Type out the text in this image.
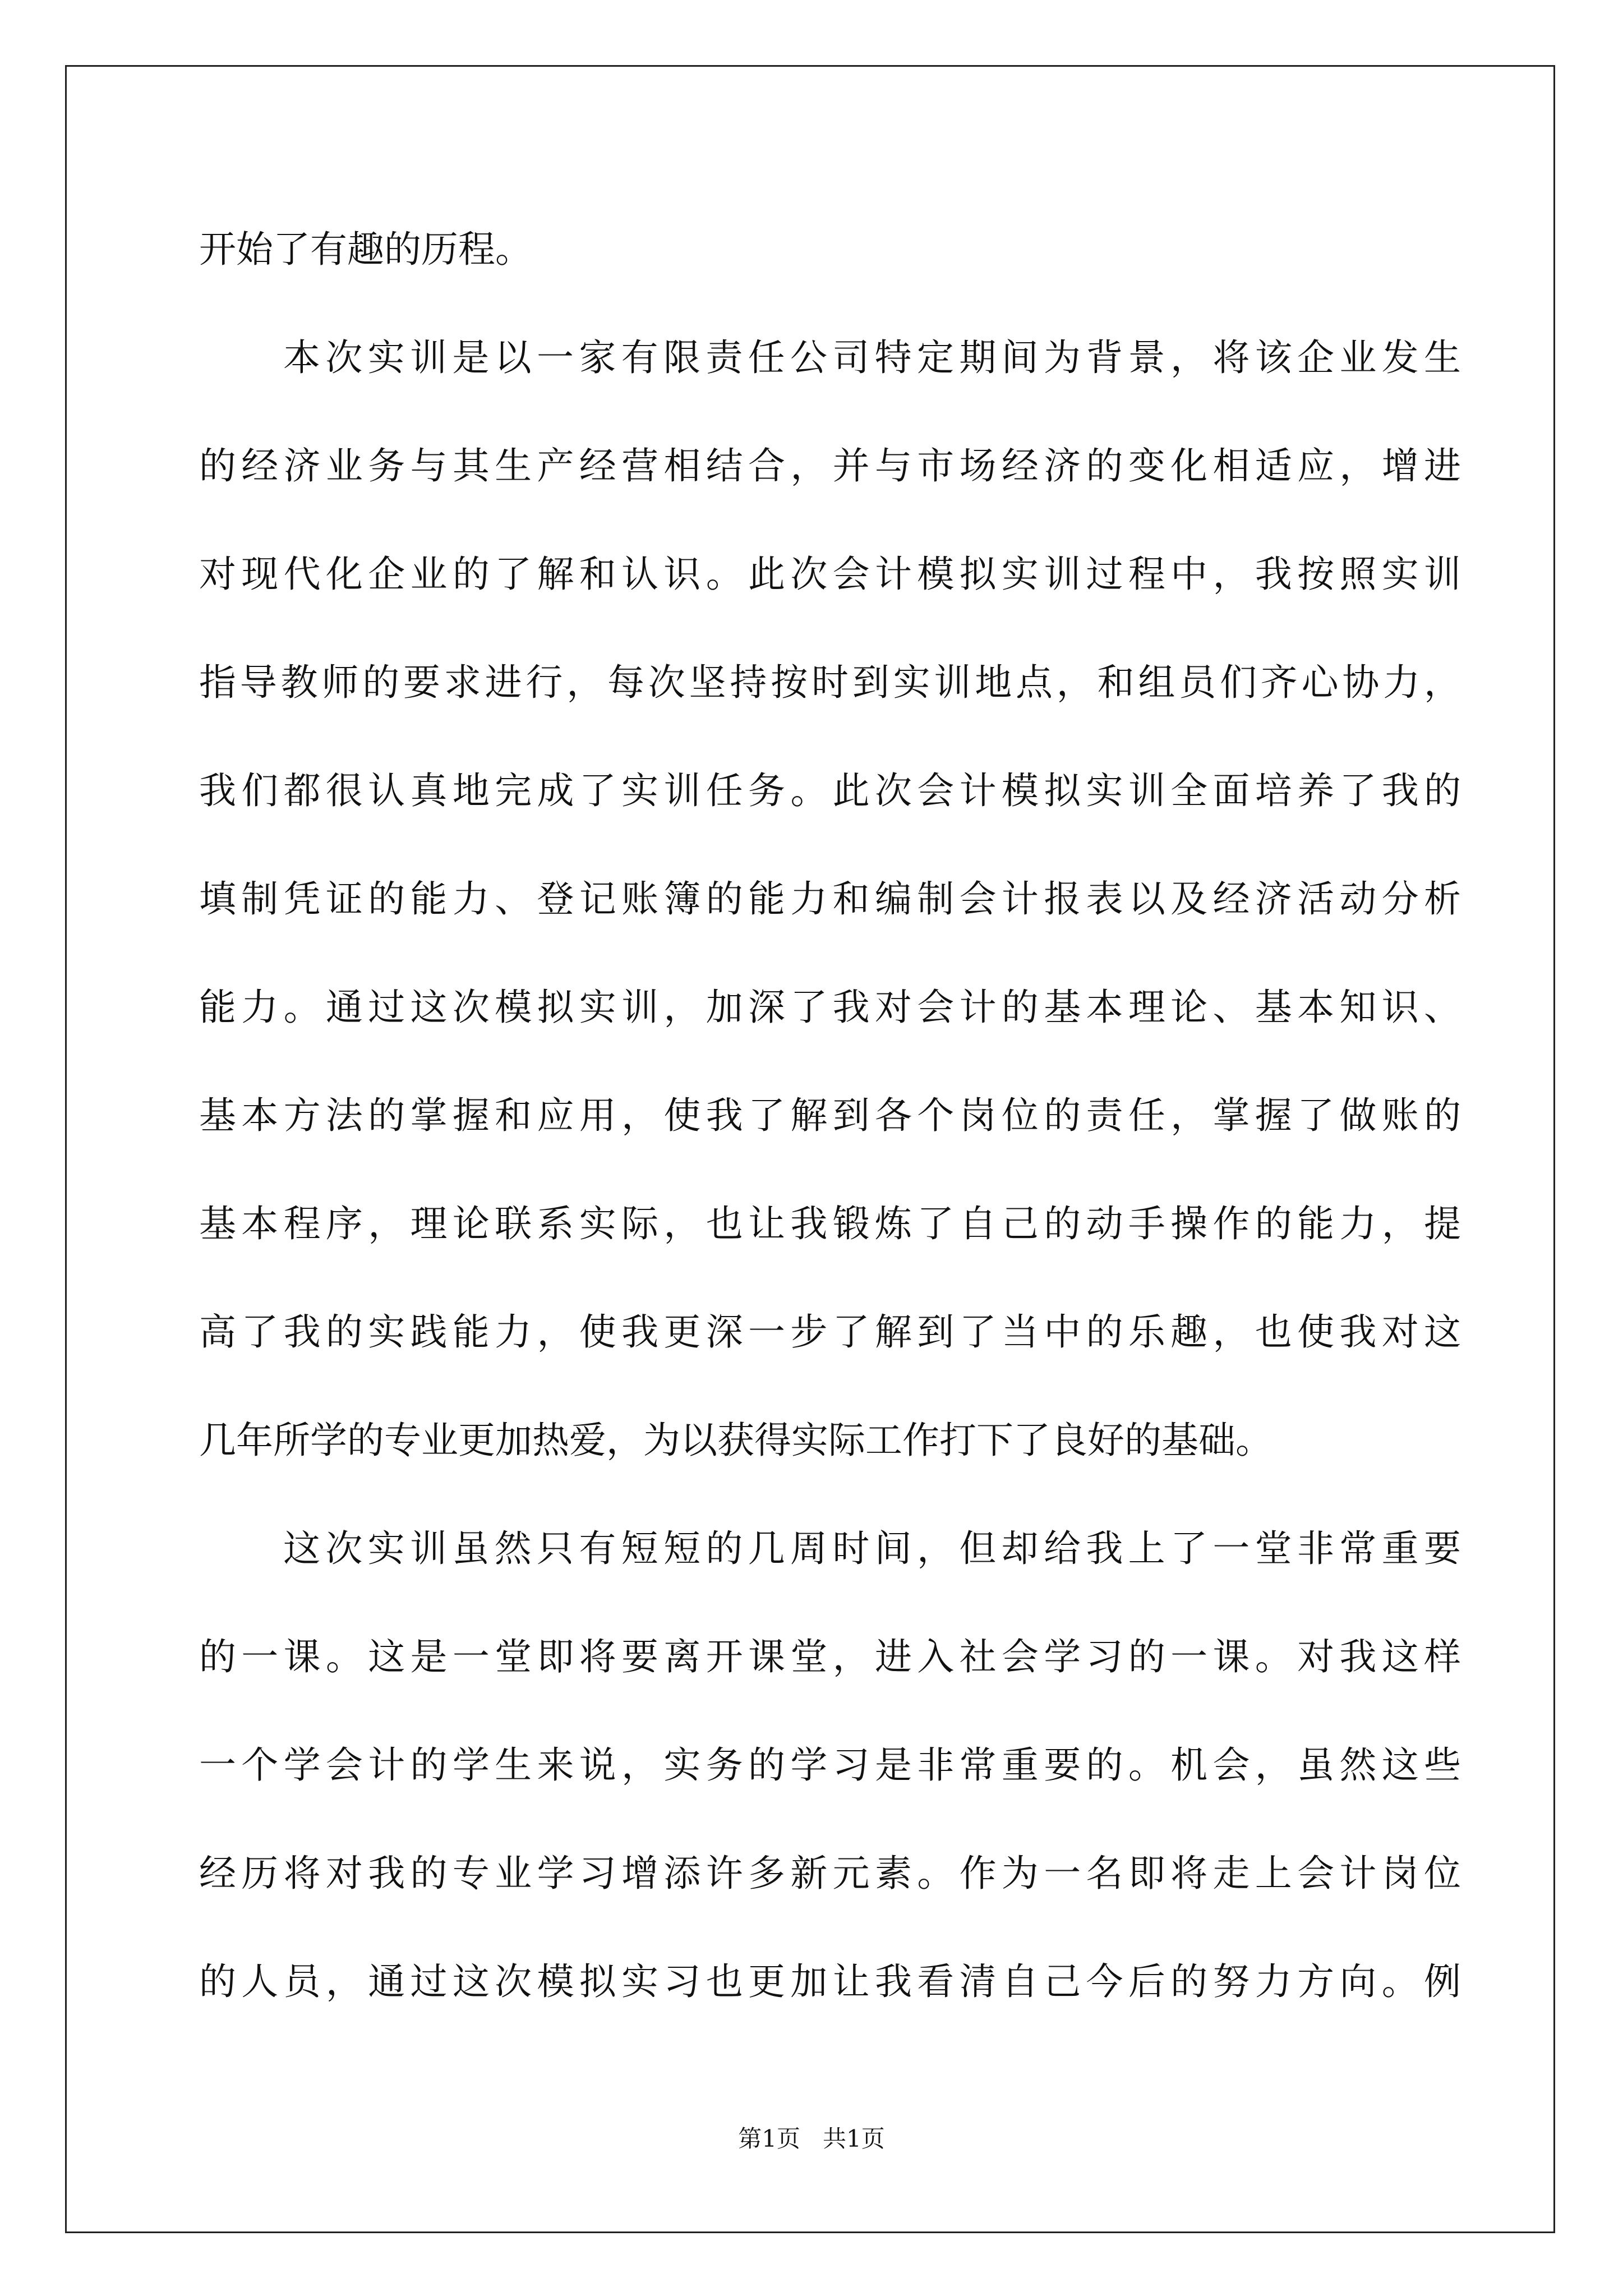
开始了有趣的历程。

本次实训是以一家有限责任公司特定期间为背景，将该企业发生

的经济业务与其生产经营相结合，并与市场经济的变化相适应，增进

对现代化企业的了解和认识。此次会计模拟实训过程中，我按照实训

指导教师的要求进行，每次坚持按时到实训地点，和组员们齐心协力，

我们都很认真地完成了实训任务。此次会计模拟实训全面培养了我的

填制凭证的能力、登记账簿的能力和编制会计报表以及经济活动分析

能力。通过这次模拟实训，加深了我对会计的基本理论、基本知识、

基本方法的掌握和应用，使我了解到各个岗位的责任，掌握了做账的

基本程序，理论联系实际，也让我锻炼了自己的动手操作的能力，提

高了我的实践能力，使我更深一步了解到了当中的乐趣，也使我对这

几年所学的专业更加热爱，为以获得实际工作打下了良好的基础。

这次实训虽然只有短短的几周时间，但却给我上了一堂非常重要

的一课。这是一堂即将要离开课堂，进入社会学习的一课。对我这样

一个学会计的学生来说，实务的学习是非常重要的。机会，虽然这些

经历将对我的专业学习增添许多新元素。作为一名即将走上会计岗位

的人员，通过这次模拟实习也更加让我看清自己今后的努力方向。例

第1页   共1页
